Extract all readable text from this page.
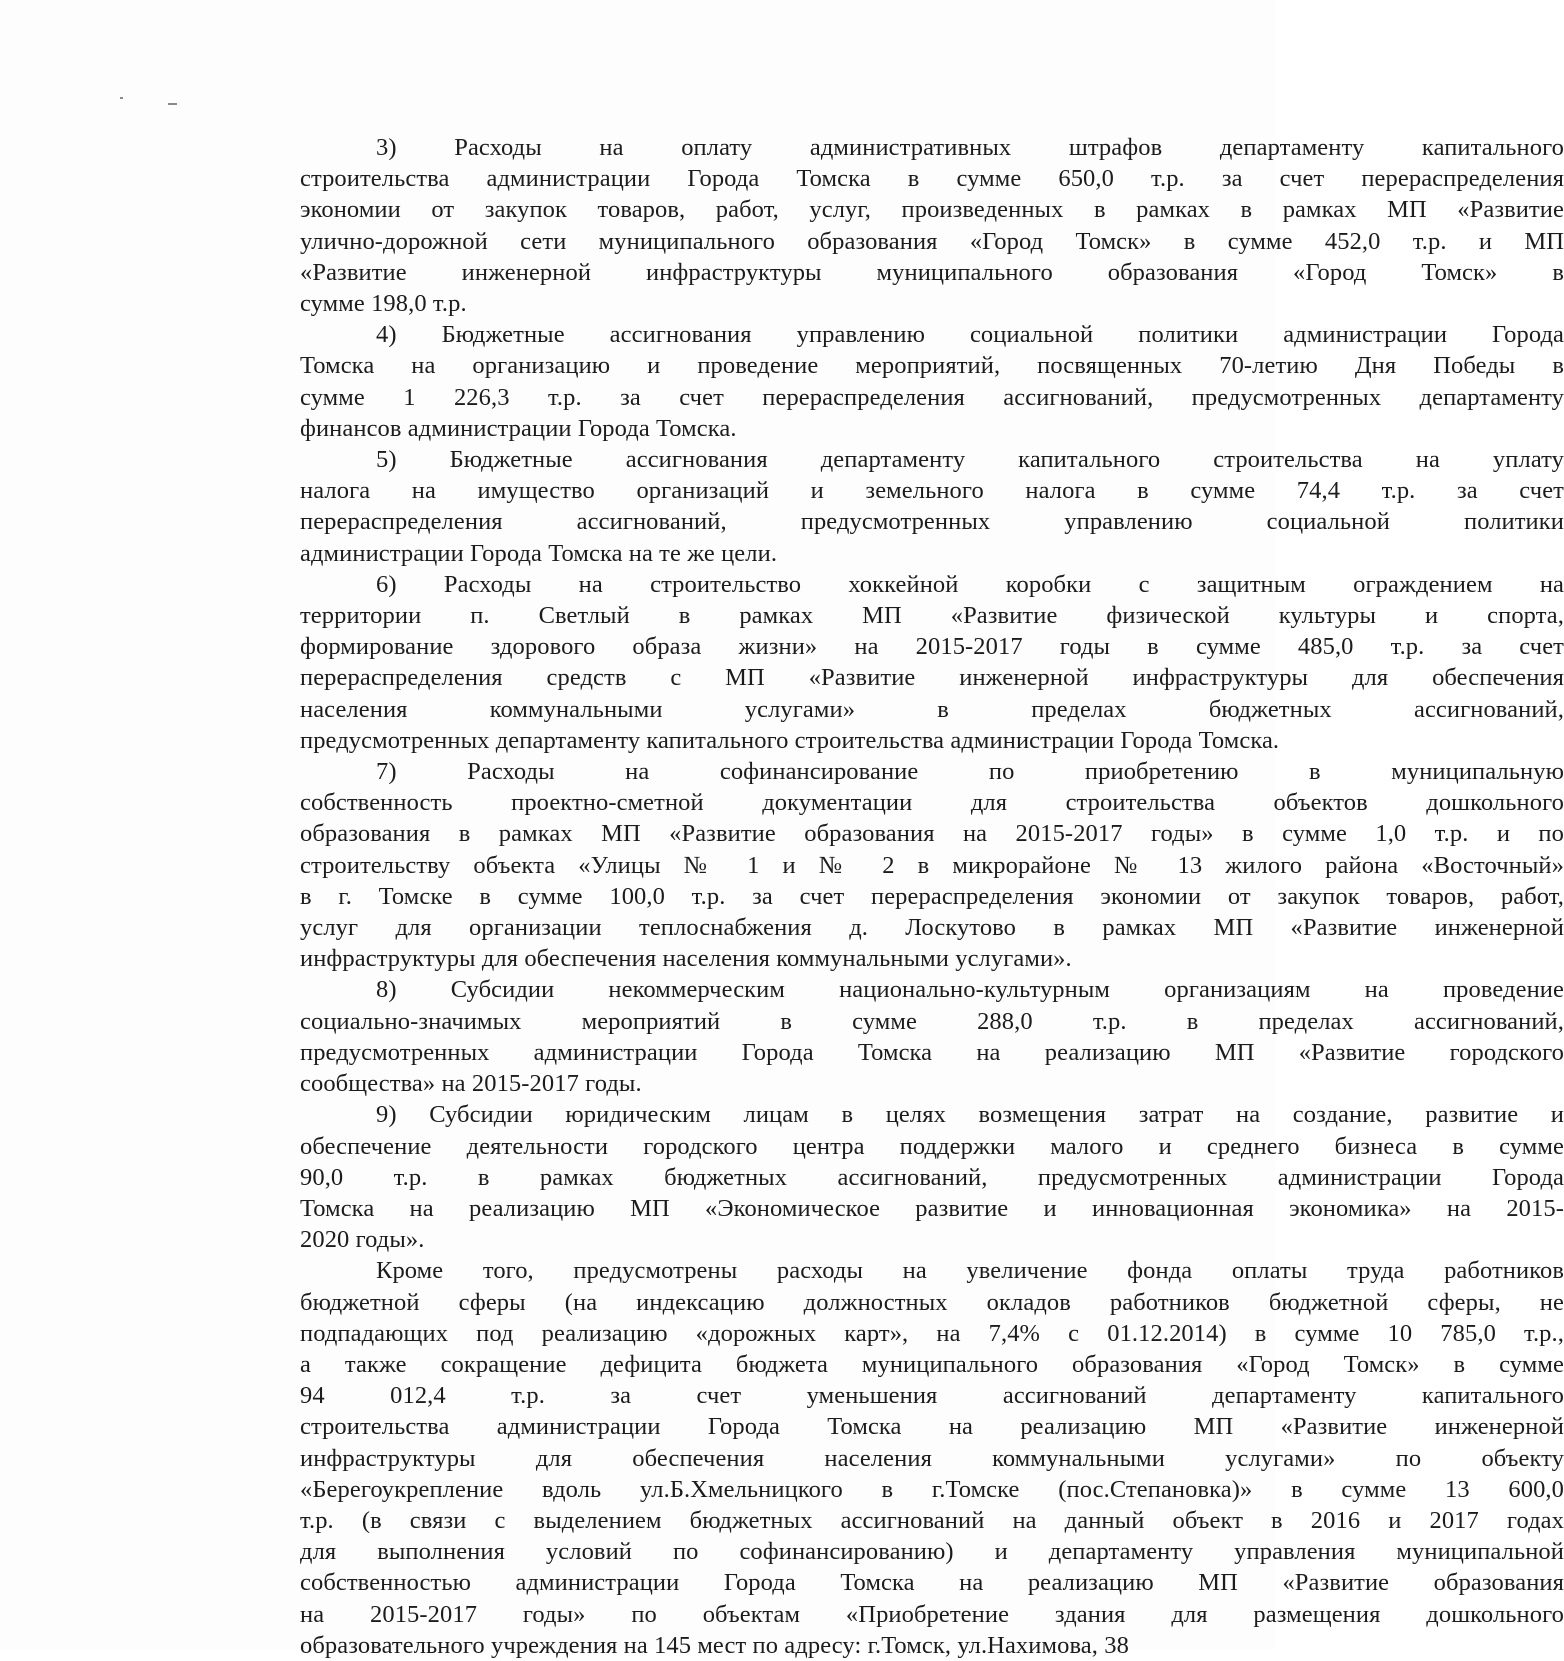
3) Расходы на оплату административных штрафов департаменту капитального
строительства администрации Города Томска в сумме 650,0 т.р. за счет перераспределения
экономии от закупок товаров, работ, услуг, произведенных в рамках в рамках МП «Развитие
улично-дорожной сети муниципального образования «Город Томск» в сумме 452,0 т.р. и МП
«Развитие инженерной инфраструктуры муниципального образования «Город Томск» в
сумме 198,0 т.р.
4) Бюджетные ассигнования управлению социальной политики администрации Города
Томска на организацию и проведение мероприятий, посвященных 70-летию Дня Победы в
сумме 1 226,3 т.р. за счет перераспределения ассигнований, предусмотренных департаменту
финансов администрации Города Томска.
5) Бюджетные ассигнования департаменту капитального строительства на уплату
налога на имущество организаций и земельного налога в сумме 74,4 т.р. за счет
перераспределения ассигнований, предусмотренных управлению социальной политики
администрации Города Томска на те же цели.
6) Расходы на строительство хоккейной коробки с защитным ограждением на
территории п. Светлый в рамках МП «Развитие физической культуры и спорта,
формирование здорового образа жизни» на 2015-2017 годы в сумме 485,0 т.р. за счет
перераспределения средств с МП «Развитие инженерной инфраструктуры для обеспечения
населения коммунальными услугами» в пределах бюджетных ассигнований,
предусмотренных департаменту капитального строительства администрации Города Томска.
7) Расходы на софинансирование по приобретению в муниципальную
собственность проектно-сметной документации для строительства объектов дошкольного
образования в рамках МП «Развитие образования на 2015-2017 годы» в сумме 1,0 т.р. и по
строительству объекта «Улицы № 1 и № 2 в микрорайоне № 13 жилого района «Восточный»
в г. Томске в сумме 100,0 т.р. за счет перераспределения экономии от закупок товаров, работ,
услуг для организации теплоснабжения д. Лоскутово в рамках МП «Развитие инженерной
инфраструктуры для обеспечения населения коммунальными услугами».
8) Субсидии некоммерческим национально-культурным организациям на проведение
социально-значимых мероприятий в сумме 288,0 т.р. в пределах ассигнований,
предусмотренных администрации Города Томска на реализацию МП «Развитие городского
сообщества» на 2015-2017 годы.
9) Субсидии юридическим лицам в целях возмещения затрат на создание, развитие и
обеспечение деятельности городского центра поддержки малого и среднего бизнеса в сумме
90,0 т.р. в рамках бюджетных ассигнований, предусмотренных администрации Города
Томска на реализацию МП «Экономическое развитие и инновационная экономика» на 2015-
2020 годы».
Кроме того, предусмотрены расходы на увеличение фонда оплаты труда работников
бюджетной сферы (на индексацию должностных окладов работников бюджетной сферы, не
подпадающих под реализацию «дорожных карт», на 7,4% с 01.12.2014) в сумме 10 785,0 т.р.,
а также сокращение дефицита бюджета муниципального образования «Город Томск» в сумме
94 012,4 т.р. за счет уменьшения ассигнований департаменту капитального
строительства администрации Города Томска на реализацию МП «Развитие инженерной
инфраструктуры для обеспечения населения коммунальными услугами» по объекту
«Берегоукрепление вдоль ул.Б.Хмельницкого в г.Томске (пос.Степановка)» в сумме 13 600,0
т.р. (в связи с выделением бюджетных ассигнований на данный объект в 2016 и 2017 годах
для выполнения условий по софинансированию) и департаменту управления муниципальной
собственностью администрации Города Томска на реализацию МП «Развитие образования
на 2015-2017 годы» по объектам «Приобретение здания для размещения дошкольного
образовательного учреждения на 145 мест по адресу: г.Томск, ул.Нахимова, 38
